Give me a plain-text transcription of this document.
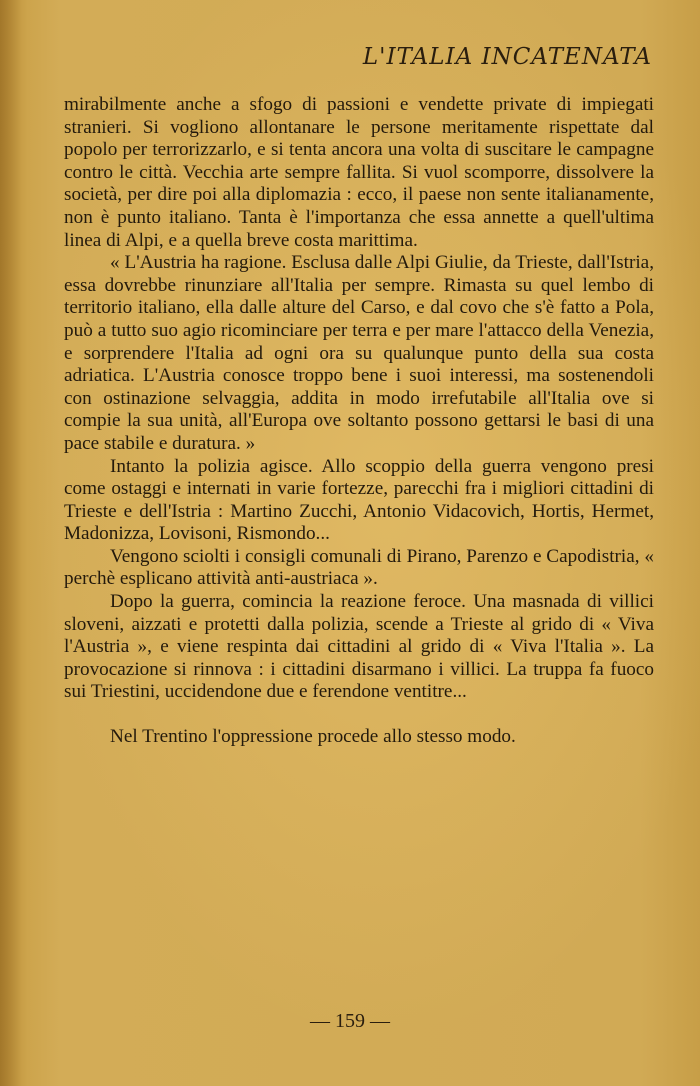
L'ITALIA INCATENATA

mirabilmente anche a sfogo di passioni e vendette private di impiegati stranieri. Si vogliono allontanare le persone meritamente rispettate dal popolo per terrorizzarlo, e si tenta ancora una volta di suscitare le campagne contro le città. Vecchia arte sempre fallita. Si vuol scomporre, dissolvere la società, per dire poi alla diplomazia : ecco, il paese non sente italianamente, non è punto italiano. Tanta è l'importanza che essa annette a quell'ultima linea di Alpi, e a quella breve costa marittima.

« L'Austria ha ragione. Esclusa dalle Alpi Giulie, da Trieste, dall'Istria, essa dovrebbe rinunziare all'Italia per sempre. Rimasta su quel lembo di territorio italiano, ella dalle alture del Carso, e dal covo che s'è fatto a Pola, può a tutto suo agio ricominciare per terra e per mare l'attacco della Venezia, e sorprendere l'Italia ad ogni ora su qualunque punto della sua costa adriatica. L'Austria conosce troppo bene i suoi interessi, ma sostenendoli con ostinazione selvaggia, addita in modo irrefutabile all'Italia ove si compie la sua unità, all'Europa ove soltanto possono gettarsi le basi di una pace stabile e duratura. »

Intanto la polizia agisce. Allo scoppio della guerra vengono presi come ostaggi e internati in varie fortezze, parecchi fra i migliori cittadini di Trieste e dell'Istria : Martino Zucchi, Antonio Vidacovich, Hortis, Hermet, Madonizza, Lovisoni, Rismondo...

Vengono sciolti i consigli comunali di Pirano, Parenzo e Capodistria, « perchè esplicano attività anti-austriaca ».

Dopo la guerra, comincia la reazione feroce. Una masnada di villici sloveni, aizzati e protetti dalla polizia, scende a Trieste al grido di « Viva l'Austria », e viene respinta dai cittadini al grido di « Viva l'Italia ». La provocazione si rinnova : i cittadini disarmano i villici. La truppa fa fuoco sui Triestini, uccidendone due e ferendone ventitre...

Nel Trentino l'oppressione procede allo stesso modo.

— 159 —
